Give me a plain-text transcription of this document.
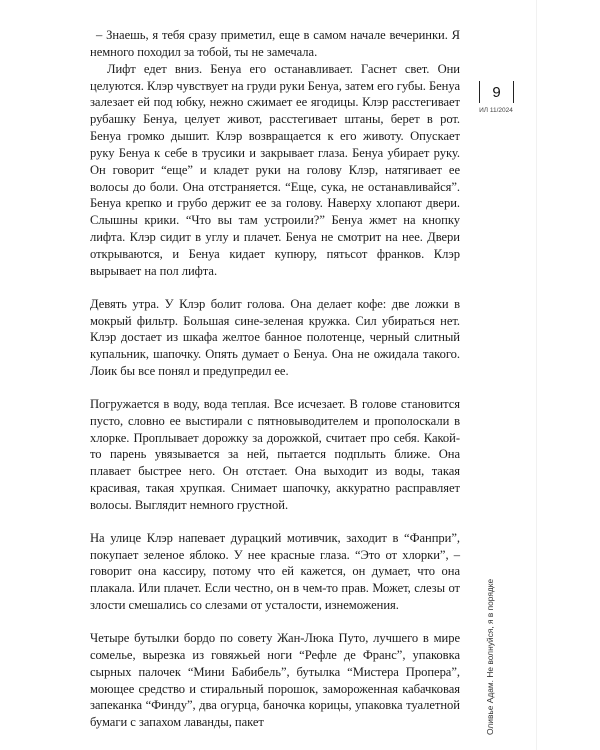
– Знаешь, я тебя сразу приметил, еще в самом начале вечеринки. Я немного походил за тобой, ты не замечала.

Лифт едет вниз. Бенуа его останавливает. Гаснет свет. Они целуются. Клэр чувствует на груди руки Бенуа, затем его губы. Бенуа залезает ей под юбку, нежно сжимает ее ягодицы. Клэр расстегивает рубашку Бенуа, целует живот, расстегивает штаны, берет в рот. Бенуа громко дышит. Клэр возвращается к его животу. Опускает руку Бенуа к себе в трусики и закрывает глаза. Бенуа убирает руку. Он говорит “еще” и кладет руки на голову Клэр, натягивает ее волосы до боли. Она отстраняется. “Еще, сука, не останавливайся”. Бенуа крепко и грубо держит ее за голову. Наверху хлопают двери. Слышны крики. “Что вы там устроили?” Бенуа жмет на кнопку лифта. Клэр сидит в углу и плачет. Бенуа не смотрит на нее. Двери открываются, и Бенуа кидает купюру, пятьсот франков. Клэр вырывает на пол лифта.

Девять утра. У Клэр болит голова. Она делает кофе: две ложки в мокрый фильтр. Большая сине-зеленая кружка. Сил убираться нет. Клэр достает из шкафа желтое банное полотенце, черный слитный купальник, шапочку. Опять думает о Бенуа. Она не ожидала такого. Лоик бы все понял и предупредил ее.

Погружается в воду, вода теплая. Все исчезает. В голове становится пусто, словно ее выстирали с пятновыводителем и прополоскали в хлорке. Проплывает дорожку за дорожкой, считает про себя. Какой-то парень увязывается за ней, пытается подплыть ближе. Она плавает быстрее него. Он отстает. Она выходит из воды, такая красивая, такая хрупкая. Снимает шапочку, аккуратно расправляет волосы. Выглядит немного грустной.

На улице Клэр напевает дурацкий мотивчик, заходит в “Фанпри”, покупает зеленое яблоко. У нее красные глаза. “Это от хлорки”, – говорит она кассиру, потому что ей кажется, он думает, что она плакала. Или плачет. Если честно, он в чем-то прав. Может, слезы от злости смешались со слезами от усталости, изнеможения.

Четыре бутылки бордо по совету Жан-Люка Путо, лучшего в мире сомелье, вырезка из говяжьей ноги “Рефле де Франс”, упаковка сырных палочек “Мини Бабибель”, бутылка “Мистера Пропера”, моющее средство и стиральный порошок, замороженная кабачковая запеканка “Финду”, два огурца, баночка корицы, упаковка туалетной бумаги с запахом лаванды, пакет

9
ИЛ 11/2024
Оливье Адам. Не волнуйся, я в порядке
